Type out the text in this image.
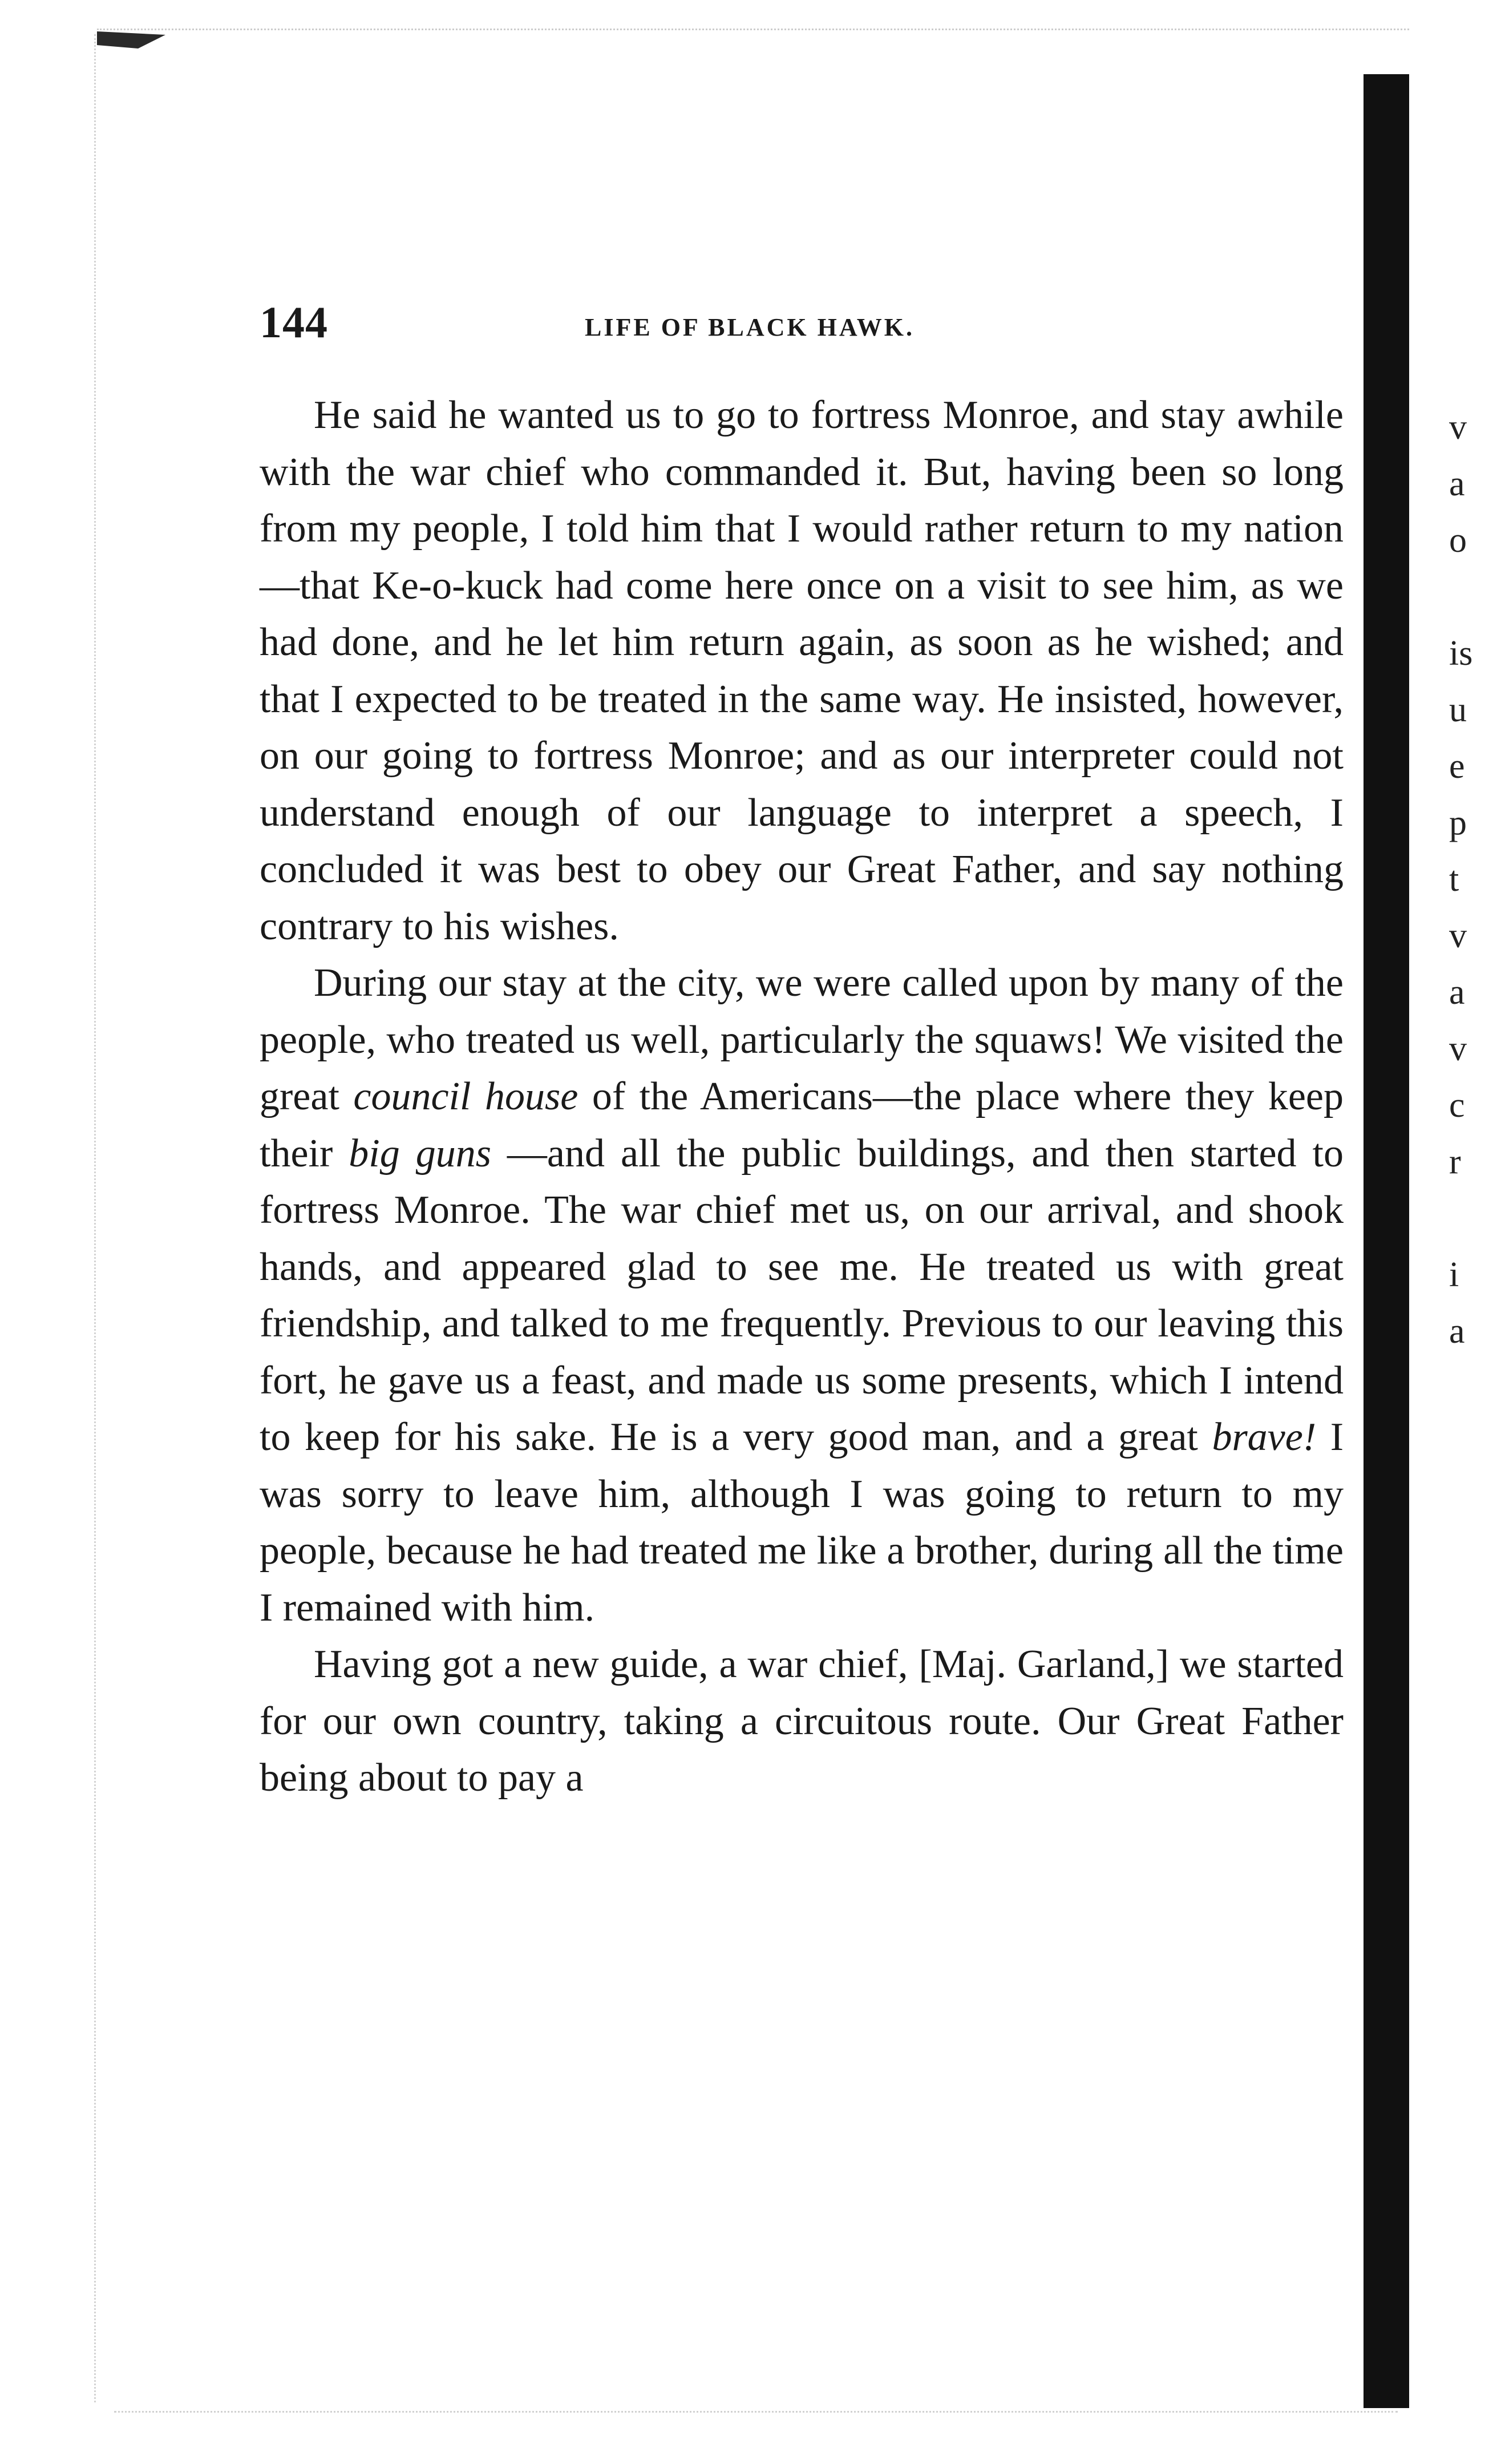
144	LIFE OF BLACK HAWK.

He said he wanted us to go to fortress Monroe, and stay awhile with the war chief who commanded it. But, having been so long from my people, I told him that I would rather return to my nation—that Ke-o-kuck had come here once on a visit to see him, as we had done, and he let him return again, as soon as he wished; and that I expected to be treated in the same way. He insisted, however, on our going to fortress Monroe; and as our interpreter could not understand enough of our language to interpret a speech, I concluded it was best to obey our Great Father, and say nothing contrary to his wishes.

During our stay at the city, we were called upon by many of the people, who treated us well, particularly the squaws! We visited the great council house of the Americans—the place where they keep their big guns —and all the public buildings, and then started to fortress Monroe. The war chief met us, on our arrival, and shook hands, and appeared glad to see me. He treated us with great friendship, and talked to me frequently. Previous to our leaving this fort, he gave us a feast, and made us some presents, which I intend to keep for his sake. He is a very good man, and a great brave! I was sorry to leave him, although I was going to return to my people, because he had treated me like a brother, during all the time I remained with him.

Having got a new guide, a war chief, [Maj. Garland,] we started for our own country, taking a circuitous route. Our Great Father being about to pay a

v
a
o
is
u
e
p
t
v
a
v
c
r
i
a
